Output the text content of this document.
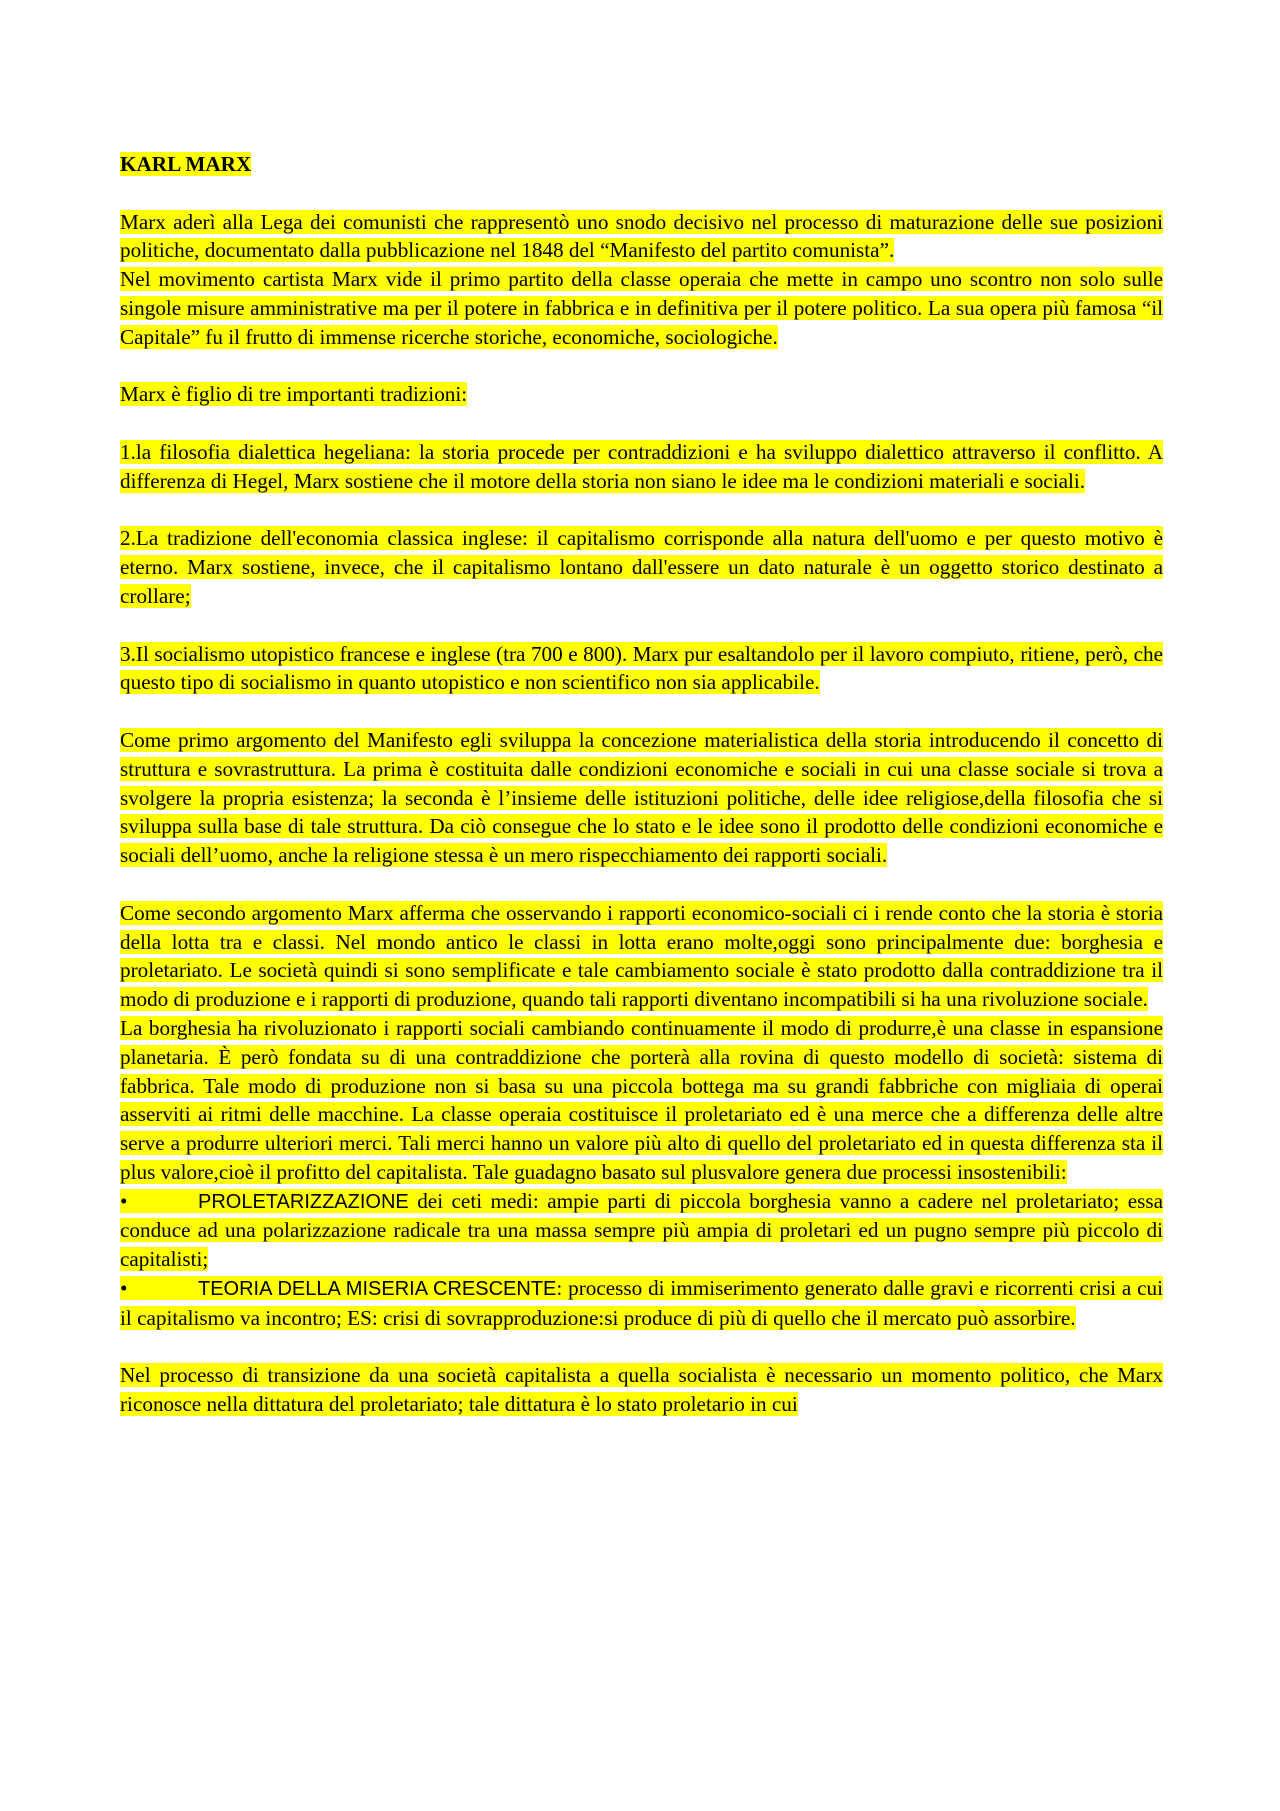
KARL MARX

Marx aderì alla Lega dei comunisti che rappresentò uno snodo decisivo nel processo di maturazione delle sue posizioni politiche, documentato dalla pubblicazione nel 1848 del “Manifesto del partito comunista”.

Nel movimento cartista Marx vide il primo partito della classe operaia che mette in campo uno scontro non solo sulle singole misure amministrative ma per il potere in fabbrica e in definitiva per il potere politico. La sua opera più famosa “il Capitale” fu il frutto di immense ricerche storiche, economiche, sociologiche.

Marx è figlio di tre importanti tradizioni:

1.la filosofia dialettica hegeliana: la storia procede per contraddizioni e ha sviluppo dialettico attraverso il conflitto. A differenza di Hegel, Marx sostiene che il motore della storia non siano le idee ma le condizioni materiali e sociali.

2.La tradizione dell'economia classica inglese: il capitalismo corrisponde alla natura dell'uomo e per questo motivo è eterno. Marx sostiene, invece, che il capitalismo lontano dall'essere un dato naturale è un oggetto storico destinato a crollare;

3.Il socialismo utopistico francese e inglese (tra 700 e 800). Marx pur esaltandolo per il lavoro compiuto, ritiene, però, che questo tipo di socialismo in quanto utopistico e non scientifico non sia applicabile.

Come primo argomento del Manifesto egli sviluppa la concezione materialistica della storia introducendo il concetto di struttura e sovrastruttura. La prima è costituita dalle condizioni economiche e sociali in cui una classe sociale si trova a svolgere la propria esistenza; la seconda è l’insieme delle istituzioni politiche, delle idee religiose,della filosofia che si sviluppa sulla base di tale struttura. Da ciò consegue che lo stato e le idee sono il prodotto delle condizioni economiche e sociali dell’uomo, anche la religione stessa è un mero rispecchiamento dei rapporti sociali.

Come secondo argomento Marx afferma che osservando i rapporti economico-sociali ci i rende conto che la storia è storia della lotta tra e classi. Nel mondo antico le classi in lotta erano molte,oggi sono principalmente due: borghesia e proletariato. Le società quindi si sono semplificate e tale cambiamento sociale è stato prodotto dalla contraddizione tra il modo di produzione e i rapporti di produzione, quando tali rapporti diventano incompatibili si ha una rivoluzione sociale.

La borghesia ha rivoluzionato i rapporti sociali cambiando continuamente il modo di produrre,è una classe in espansione planetaria. È però fondata su di una contraddizione che porterà alla rovina di questo modello di società: sistema di fabbrica. Tale modo di produzione non si basa su una piccola bottega ma su grandi fabbriche con migliaia di operai asserviti ai ritmi delle macchine. La classe operaia costituisce il proletariato ed è una merce che a differenza delle altre serve a produrre ulteriori merci. Tali merci hanno un valore più alto di quello del proletariato ed in questa differenza sta il plus valore,cioè il profitto del capitalista. Tale guadagno basato sul plusvalore genera due processi insostenibili:

•	PROLETARIZZAZIONE dei ceti medi: ampie parti di piccola borghesia vanno a cadere nel proletariato; essa conduce ad una polarizzazione radicale tra una massa sempre più ampia di proletari ed un pugno sempre più piccolo di capitalisti;

•	TEORIA DELLA MISERIA CRESCENTE: processo di immiserimento generato dalle gravi e ricorrenti crisi a cui il capitalismo va incontro; ES: crisi di sovrapproduzione:si produce di più di quello che il mercato può assorbire.

Nel processo di transizione da una società capitalista a quella socialista è necessario un momento politico, che Marx riconosce nella dittatura del proletariato; tale dittatura è lo stato proletario in cui
